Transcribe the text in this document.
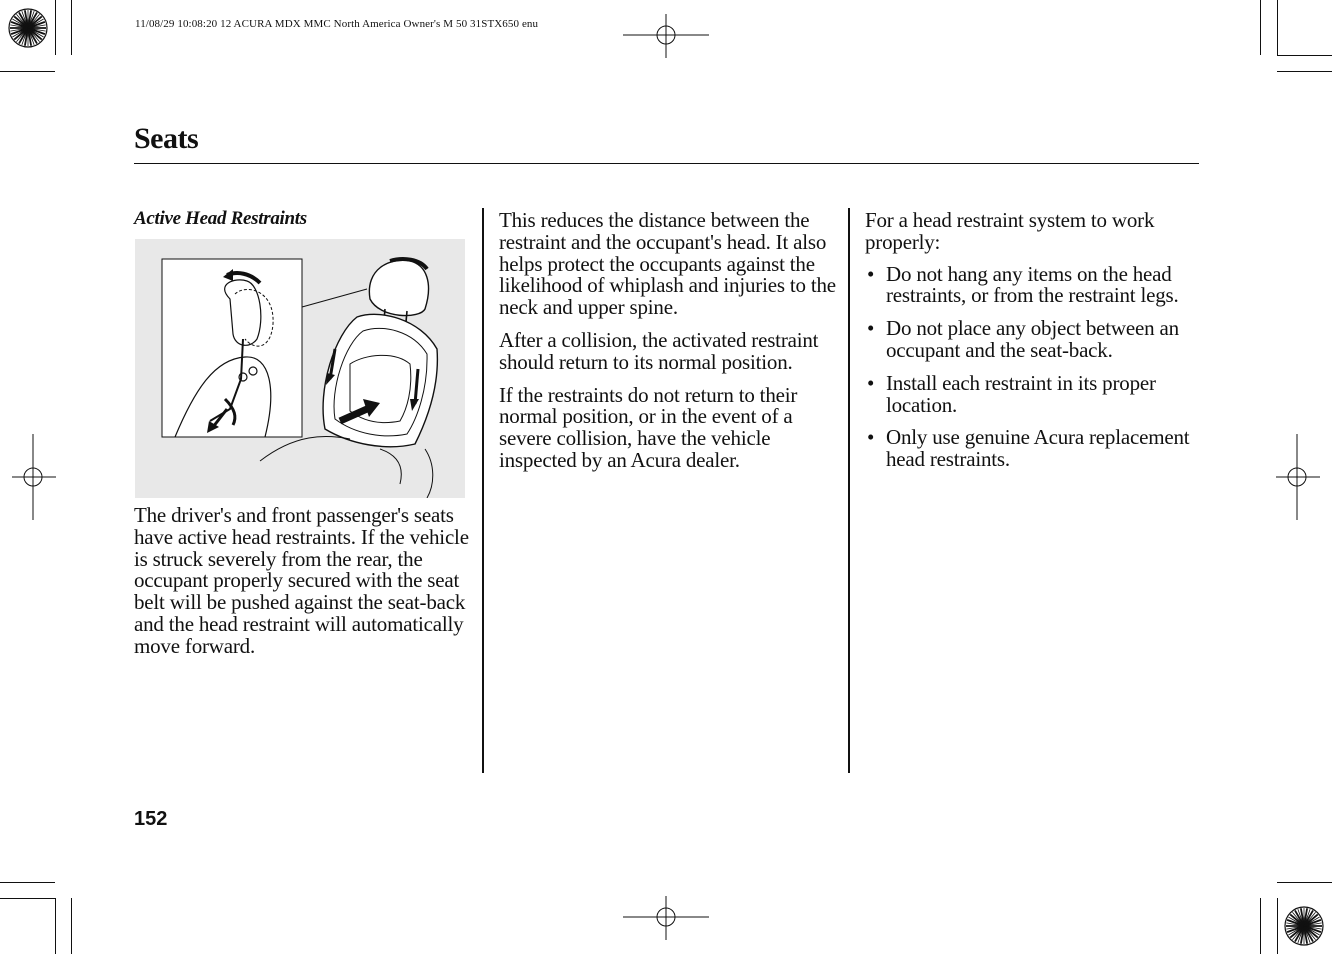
11/08/29 10:08:20 12 ACURA MDX MMC North America Owner's M 50 31STX650 enu
Seats
Active Head Restraints

The driver's and front passenger's seats have active head restraints. If the vehicle is struck severely from the rear, the occupant properly secured with the seat belt will be pushed against the seat-back and the head restraint will automatically move forward.

This reduces the distance between the restraint and the occupant's head. It also helps protect the occupants against the likelihood of whiplash and injuries to the neck and upper spine.

After a collision, the activated restraint should return to its normal position.

If the restraints do not return to their normal position, or in the event of a severe collision, have the vehicle inspected by an Acura dealer.

For a head restraint system to work properly:

• Do not hang any items on the head restraints, or from the restraint legs.
• Do not place any object between an occupant and the seat-back.
• Install each restraint in its proper location.
• Only use genuine Acura replacement head restraints.
152
